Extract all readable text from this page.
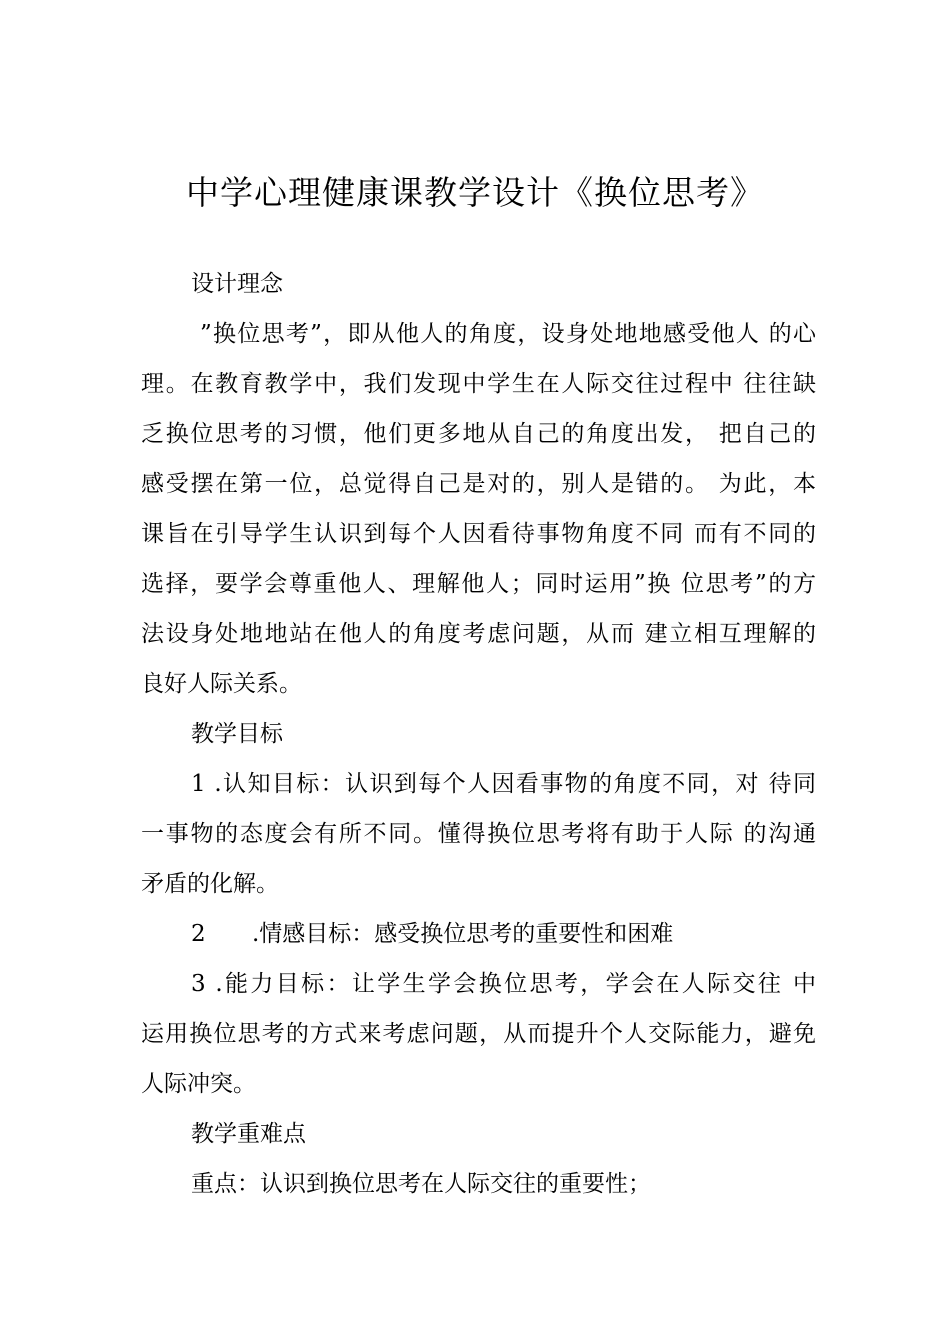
中学心理健康课教学设计《换位思考》

设计理念

”换位思考”，即从他人的角度，设身处地地感受他人 的心

理。在教育教学中，我们发现中学生在人际交往过程中 往往缺

乏换位思考的习惯，他们更多地从自己的角度出发， 把自己的

感受摆在第一位，总觉得自己是对的，别人是错的。 为此，本

课旨在引导学生认识到每个人因看待事物角度不同 而有不同的

选择，要学会尊重他人、理解他人；同时运用”换 位思考”的方

法设身处地地站在他人的角度考虑问题，从而 建立相互理解的

良好人际关系。

教学目标

1 .认知目标：认识到每个人因看事物的角度不同，对 待同

一事物的态度会有所不同。懂得换位思考将有助于人际 的沟通

矛盾的化解。

2 .情感目标：感受换位思考的重要性和困难

3 .能力目标：让学生学会换位思考，学会在人际交往 中

运用换位思考的方式来考虑问题，从而提升个人交际能力，避免

人际冲突。

教学重难点

重点：认识到换位思考在人际交往的重要性；
